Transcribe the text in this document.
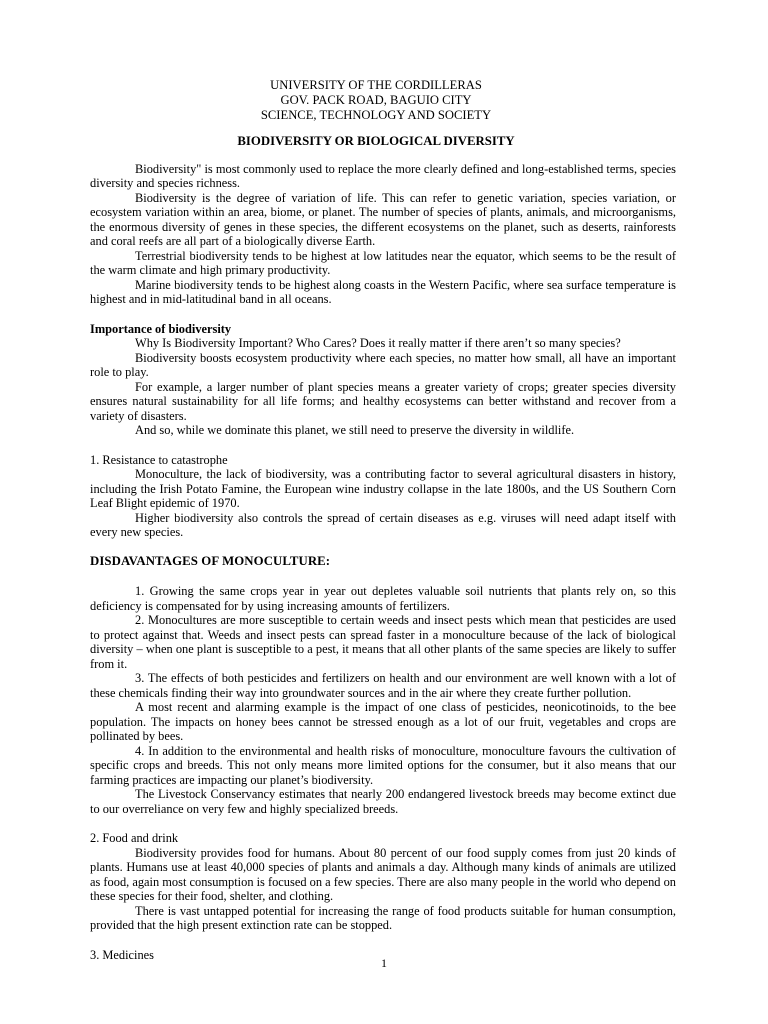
UNIVERSITY OF THE CORDILLERAS
GOV. PACK ROAD, BAGUIO CITY
SCIENCE, TECHNOLOGY AND SOCIETY
BIODIVERSITY OR BIOLOGICAL DIVERSITY

Biodiversity" is most commonly used to replace the more clearly defined and long-established terms, species diversity and species richness.

Biodiversity is the degree of variation of life. This can refer to genetic variation, species variation, or ecosystem variation within an area, biome, or planet. The number of species of plants, animals, and microorganisms, the enormous diversity of genes in these species, the different ecosystems on the planet, such as deserts, rainforests and coral reefs are all part of a biologically diverse Earth.

Terrestrial biodiversity tends to be highest at low latitudes near the equator, which seems to be the result of the warm climate and high primary productivity.

Marine biodiversity tends to be highest along coasts in the Western Pacific, where sea surface temperature is highest and in mid-latitudinal band in all oceans.

Importance of biodiversity

Why Is Biodiversity Important? Who Cares? Does it really matter if there aren’t so many species?

Biodiversity boosts ecosystem productivity where each species, no matter how small, all have an important role to play.

For example, a larger number of plant species means a greater variety of crops; greater species diversity ensures natural sustainability for all life forms; and healthy ecosystems can better withstand and recover from a variety of disasters.

And so, while we dominate this planet, we still need to preserve the diversity in wildlife.

1. Resistance to catastrophe

Monoculture, the lack of biodiversity, was a contributing factor to several agricultural disasters in history, including the Irish Potato Famine, the European wine industry collapse in the late 1800s, and the US Southern Corn Leaf Blight epidemic of 1970.

Higher biodiversity also controls the spread of certain diseases as e.g. viruses will need adapt itself with every new species.

DISDAVANTAGES OF MONOCULTURE:

1. Growing the same crops year in year out depletes valuable soil nutrients that plants rely on, so this deficiency is compensated for by using increasing amounts of fertilizers.

2. Monocultures are more susceptible to certain weeds and insect pests which mean that pesticides are used to protect against that. Weeds and insect pests can spread faster in a monoculture because of the lack of biological diversity – when one plant is susceptible to a pest, it means that all other plants of the same species are likely to suffer from it.

3. The effects of both pesticides and fertilizers on health and our environment are well known with a lot of these chemicals finding their way into groundwater sources and in the air where they create further pollution.

A most recent and alarming example is the impact of one class of pesticides, neonicotinoids, to the bee population. The impacts on honey bees cannot be stressed enough as a lot of our fruit, vegetables and crops are pollinated by bees.

4. In addition to the environmental and health risks of monoculture, monoculture favours the cultivation of specific crops and breeds. This not only means more limited options for the consumer, but it also means that our farming practices are impacting our planet’s biodiversity.

The Livestock Conservancy estimates that nearly 200 endangered livestock breeds may become extinct due to our overreliance on very few and highly specialized breeds.

2. Food and drink

Biodiversity provides food for humans. About 80 percent of our food supply comes from just 20 kinds of plants. Humans use at least 40,000 species of plants and animals a day. Although many kinds of animals are utilized as food, again most consumption is focused on a few species. There are also many people in the world who depend on these species for their food, shelter, and clothing.

There is vast untapped potential for increasing the range of food products suitable for human consumption, provided that the high present extinction rate can be stopped.

3. Medicines

1
